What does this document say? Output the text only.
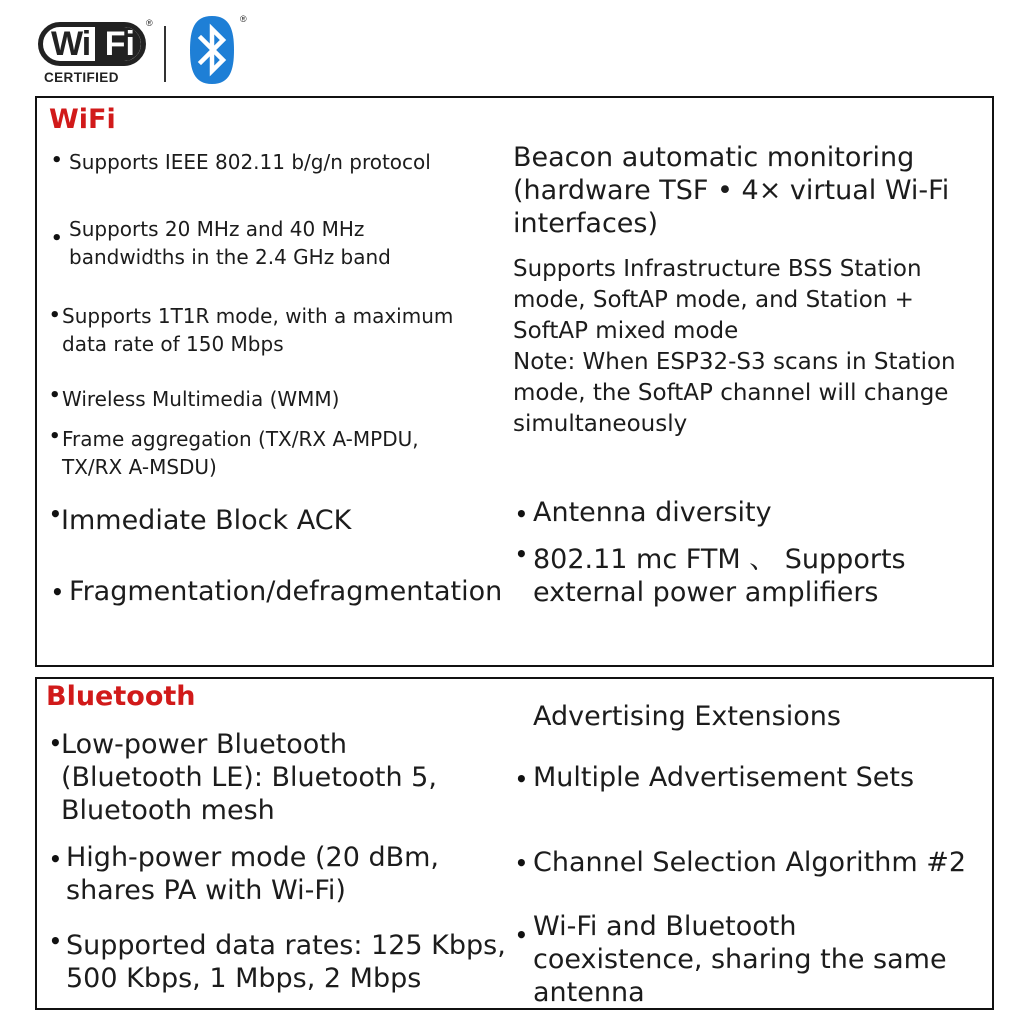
Wi Fi
®
CERTIFIED
®
WiFi
• Supports IEEE 802.11 b/g/n protocol

• Supports 20 MHz and 40 MHz
bandwidths in the 2.4 GHz band

• Supports 1T1R mode, with a maximum
data rate of 150 Mbps

• Wireless Multimedia (WMM)

• Frame aggregation (TX/RX A-MPDU,
TX/RX A-MSDU)

• Immediate Block ACK

• Fragmentation/defragmentation

Beacon automatic monitoring
(hardware TSF • 4× virtual Wi-Fi
interfaces)

Supports Infrastructure BSS Station
mode, SoftAP mode, and Station +
SoftAP mixed mode
Note: When ESP32-S3 scans in Station
mode, the SoftAP channel will change
simultaneously

• Antenna diversity

• 802.11 mc FTM 、 Supports
external power amplifiers

Bluetooth
• Low-power Bluetooth
(Bluetooth LE): Bluetooth 5,
Bluetooth mesh

• High-power mode (20 dBm,
shares PA with Wi-Fi)

• Supported data rates: 125 Kbps,
500 Kbps, 1 Mbps, 2 Mbps

Advertising Extensions

• Multiple Advertisement Sets

• Channel Selection Algorithm #2

• Wi-Fi and Bluetooth
coexistence, sharing the same
antenna
